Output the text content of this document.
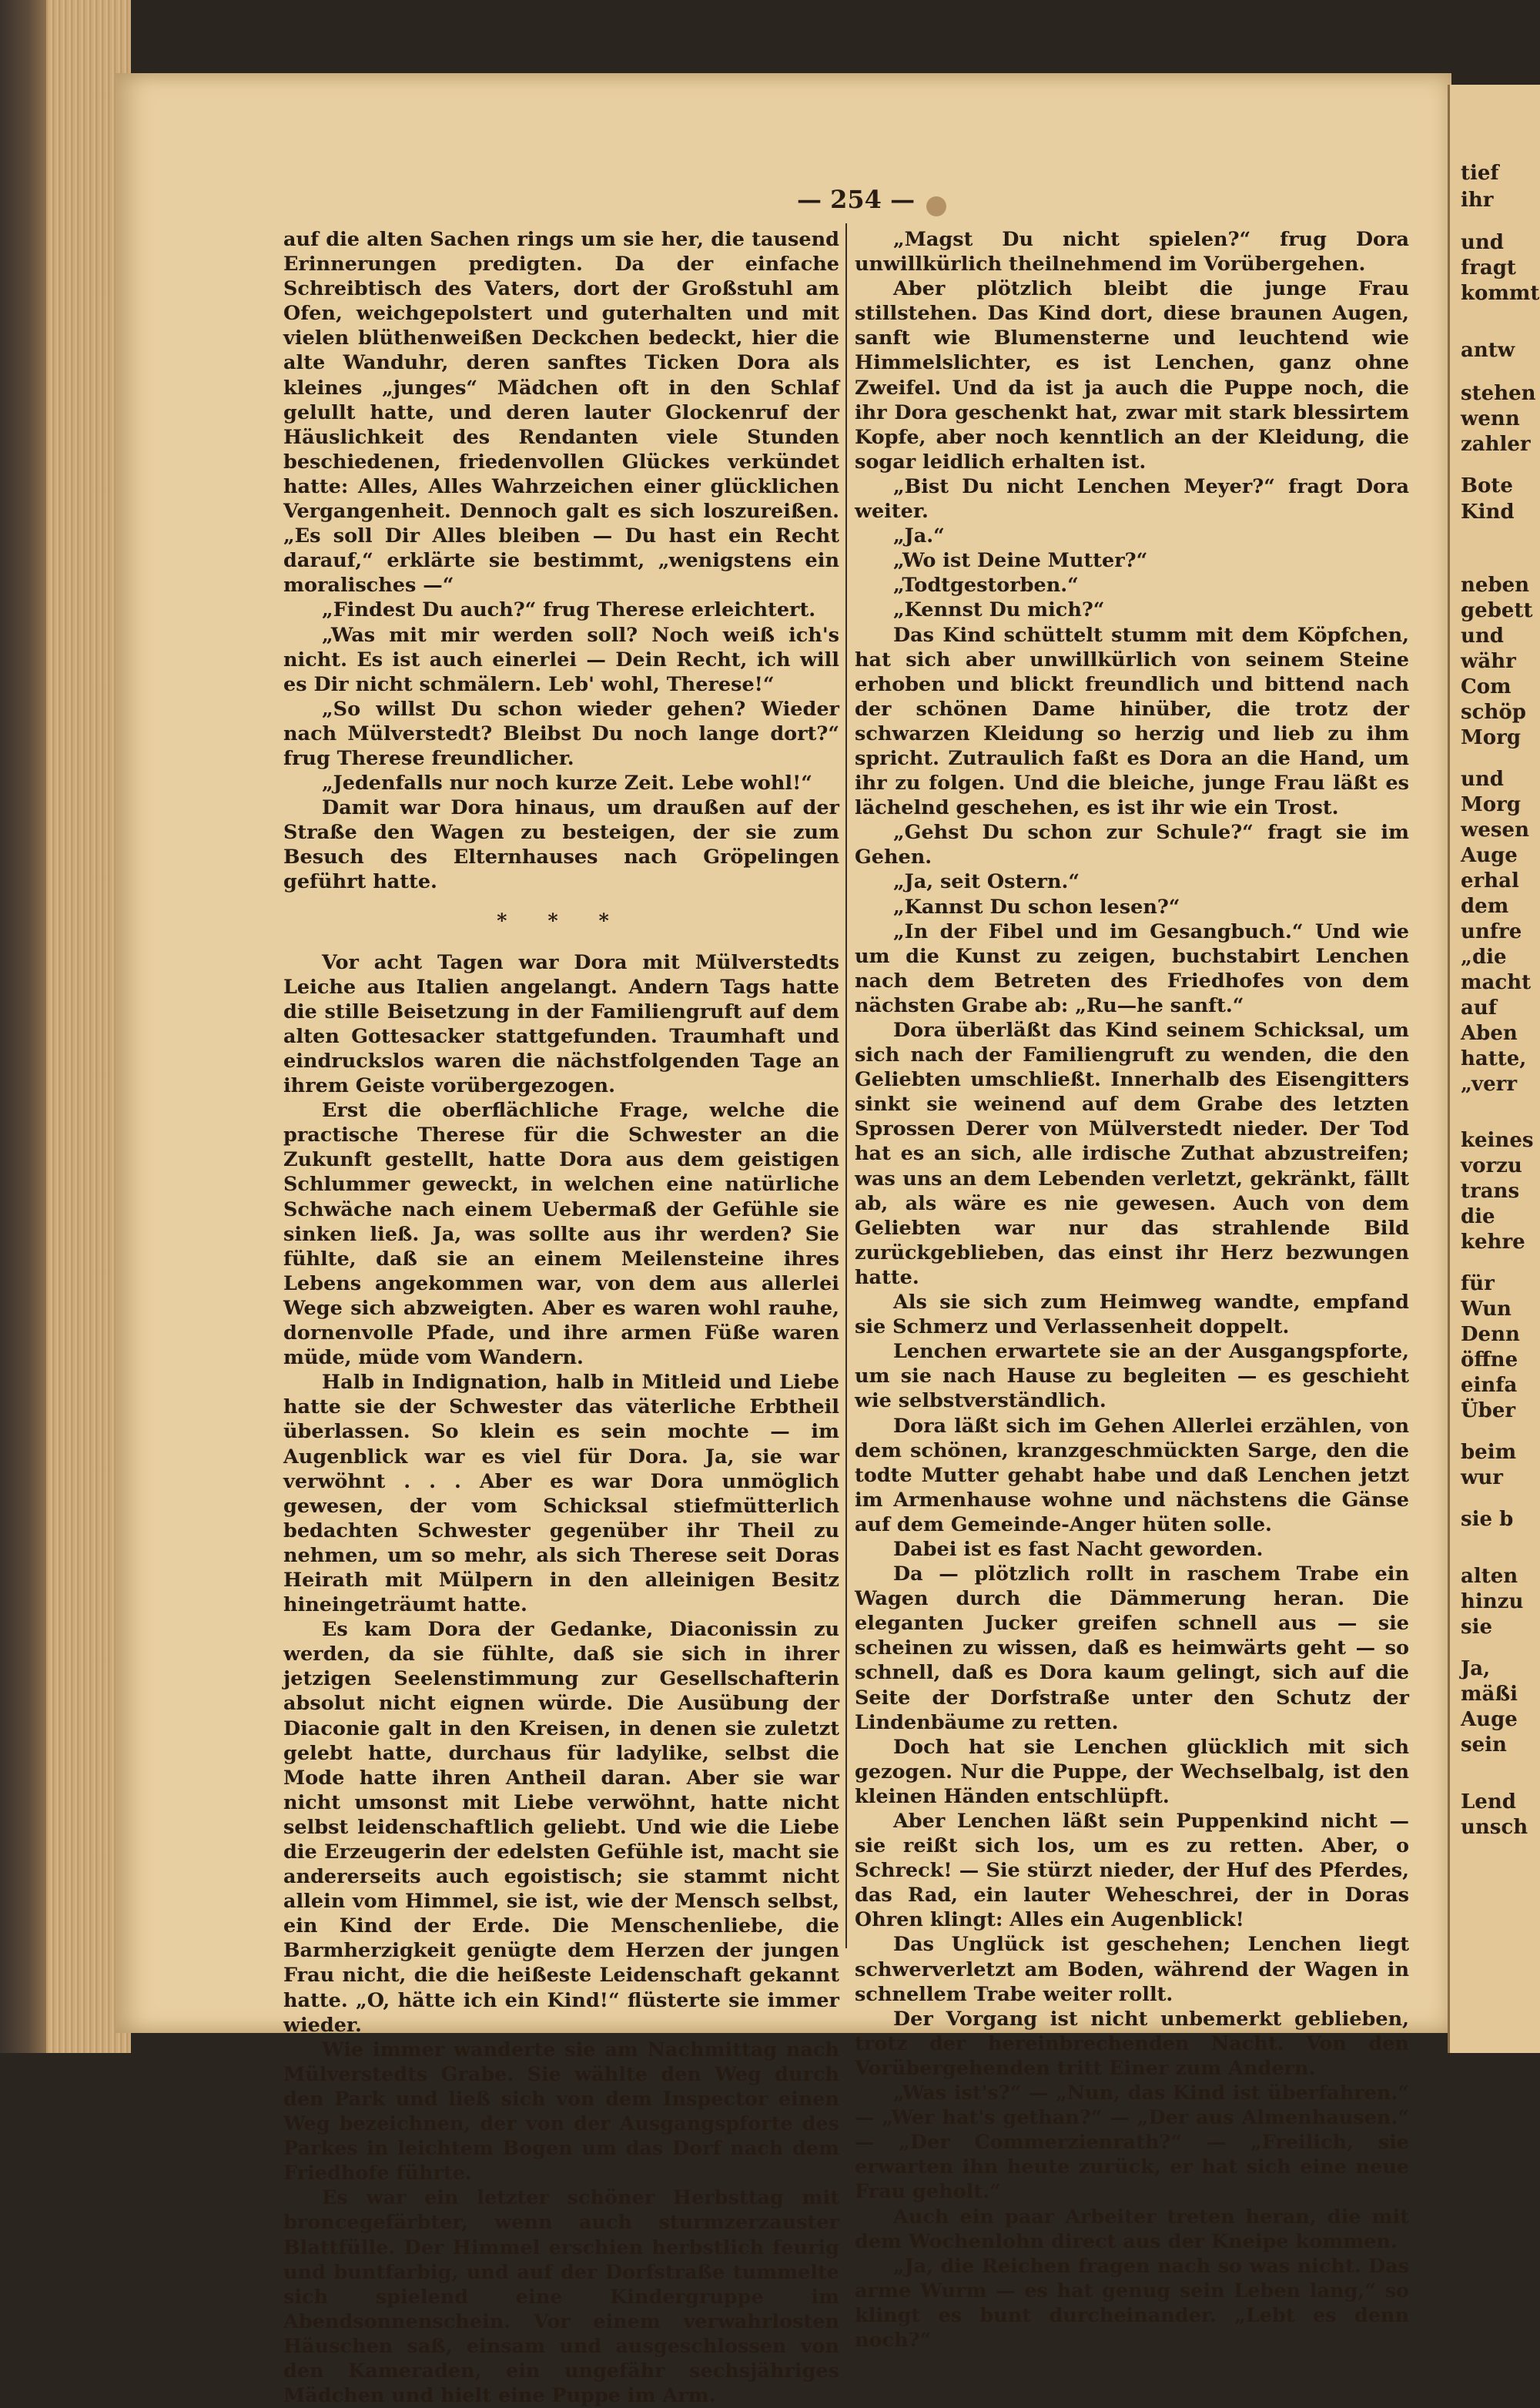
— 254 —

auf die alten Sachen rings um sie her, die tausend Erinnerungen predigten. Da der einfache Schreibtisch des Vaters, dort der Großstuhl am Ofen, weichgepolstert und guterhalten und mit vielen blüthenweißen Deckchen bedeckt, hier die alte Wanduhr, deren sanftes Ticken Dora als kleines „junges“ Mädchen oft in den Schlaf gelullt hatte, und deren lauter Glockenruf der Häuslichkeit des Rendanten viele Stunden beschiedenen, friedenvollen Glückes verkündet hatte: Alles, Alles Wahrzeichen einer glücklichen Vergangenheit. Dennoch galt es sich loszureißen. „Es soll Dir Alles bleiben — Du hast ein Recht darauf,“ erklärte sie bestimmt, „wenigstens ein moralisches —“

„Findest Du auch?“ frug Therese erleichtert.

„Was mit mir werden soll? Noch weiß ich's nicht. Es ist auch einerlei — Dein Recht, ich will es Dir nicht schmälern. Leb' wohl, Therese!“

„So willst Du schon wieder gehen? Wieder nach Mülverstedt? Bleibst Du noch lange dort?“ frug Therese freundlicher.

„Jedenfalls nur noch kurze Zeit. Lebe wohl!“

Damit war Dora hinaus, um draußen auf der Straße den Wagen zu besteigen, der sie zum Besuch des Elternhauses nach Gröpelingen geführt hatte.

* * *

Vor acht Tagen war Dora mit Mülverstedts Leiche aus Italien angelangt. Andern Tags hatte die stille Beisetzung in der Familiengruft auf dem alten Gottesacker stattgefunden. Traumhaft und eindruckslos waren die nächstfolgenden Tage an ihrem Geiste vorübergezogen.

Erst die oberflächliche Frage, welche die practische Therese für die Schwester an die Zukunft gestellt, hatte Dora aus dem geistigen Schlummer geweckt, in welchen eine natürliche Schwäche nach einem Uebermaß der Gefühle sie sinken ließ. Ja, was sollte aus ihr werden? Sie fühlte, daß sie an einem Meilensteine ihres Lebens angekommen war, von dem aus allerlei Wege sich abzweigten. Aber es waren wohl rauhe, dornenvolle Pfade, und ihre armen Füße waren müde, müde vom Wandern.

Halb in Indignation, halb in Mitleid und Liebe hatte sie der Schwester das väterliche Erbtheil überlassen. So klein es sein mochte — im Augenblick war es viel für Dora. Ja, sie war verwöhnt . . . Aber es war Dora unmöglich gewesen, der vom Schicksal stiefmütterlich bedachten Schwester gegenüber ihr Theil zu nehmen, um so mehr, als sich Therese seit Doras Heirath mit Mülpern in den alleinigen Besitz hineingeträumt hatte.

Es kam Dora der Gedanke, Diaconissin zu werden, da sie fühlte, daß sie sich in ihrer jetzigen Seelenstimmung zur Gesellschafterin absolut nicht eignen würde. Die Ausübung der Diaconie galt in den Kreisen, in denen sie zuletzt gelebt hatte, durchaus für ladylike, selbst die Mode hatte ihren Antheil daran. Aber sie war nicht umsonst mit Liebe verwöhnt, hatte nicht selbst leidenschaftlich geliebt. Und wie die Liebe die Erzeugerin der edelsten Gefühle ist, macht sie andererseits auch egoistisch; sie stammt nicht allein vom Himmel, sie ist, wie der Mensch selbst, ein Kind der Erde. Die Menschenliebe, die Barmherzigkeit genügte dem Herzen der jungen Frau nicht, die die heißeste Leidenschaft gekannt hatte. „O, hätte ich ein Kind!“ flüsterte sie immer wieder.

Wie immer wanderte sie am Nachmittag nach Mülverstedts Grabe. Sie wählte den Weg durch den Park und ließ sich von dem Inspector einen Weg bezeichnen, der von der Ausgangspforte des Parkes in leichtem Bogen um das Dorf nach dem Friedhofe führte.

Es war ein letzter schöner Herbsttag mit broncegefärbter, wenn auch sturmzerzauster Blattfülle. Der Himmel erschien herbstlich feurig und buntfarbig, und auf der Dorfstraße tummelte sich spielend eine Kindergruppe im Abendsonnenschein. Vor einem verwahrlosten Häuschen saß, einsam und ausgeschlossen von den Kameraden, ein ungefähr sechsjähriges Mädchen und hielt eine Puppe im Arm.

„Magst Du nicht spielen?“ frug Dora unwillkürlich theilnehmend im Vorübergehen.

Aber plötzlich bleibt die junge Frau stillstehen. Das Kind dort, diese braunen Augen, sanft wie Blumensterne und leuchtend wie Himmelslichter, es ist Lenchen, ganz ohne Zweifel. Und da ist ja auch die Puppe noch, die ihr Dora geschenkt hat, zwar mit stark blessirtem Kopfe, aber noch kenntlich an der Kleidung, die sogar leidlich erhalten ist.

„Bist Du nicht Lenchen Meyer?“ fragt Dora weiter.

„Ja.“

„Wo ist Deine Mutter?“

„Todtgestorben.“

„Kennst Du mich?“

Das Kind schüttelt stumm mit dem Köpfchen, hat sich aber unwillkürlich von seinem Steine erhoben und blickt freundlich und bittend nach der schönen Dame hinüber, die trotz der schwarzen Kleidung so herzig und lieb zu ihm spricht. Zutraulich faßt es Dora an die Hand, um ihr zu folgen. Und die bleiche, junge Frau läßt es lächelnd geschehen, es ist ihr wie ein Trost.

„Gehst Du schon zur Schule?“ fragt sie im Gehen.

„Ja, seit Ostern.“

„Kannst Du schon lesen?“

„In der Fibel und im Gesangbuch.“ Und wie um die Kunst zu zeigen, buchstabirt Lenchen nach dem Betreten des Friedhofes von dem nächsten Grabe ab: „Ru—he sanft.“

Dora überläßt das Kind seinem Schicksal, um sich nach der Familiengruft zu wenden, die den Geliebten umschließt. Innerhalb des Eisengitters sinkt sie weinend auf dem Grabe des letzten Sprossen Derer von Mülverstedt nieder. Der Tod hat es an sich, alle irdische Zuthat abzustreifen; was uns an dem Lebenden verletzt, gekränkt, fällt ab, als wäre es nie gewesen. Auch von dem Geliebten war nur das strahlende Bild zurückgeblieben, das einst ihr Herz bezwungen hatte.

Als sie sich zum Heimweg wandte, empfand sie Schmerz und Verlassenheit doppelt.

Lenchen erwartete sie an der Ausgangspforte, um sie nach Hause zu begleiten — es geschieht wie selbstverständlich.

Dora läßt sich im Gehen Allerlei erzählen, von dem schönen, kranzgeschmückten Sarge, den die todte Mutter gehabt habe und daß Lenchen jetzt im Armenhause wohne und nächstens die Gänse auf dem Gemeinde-Anger hüten solle.

Dabei ist es fast Nacht geworden.

Da — plötzlich rollt in raschem Trabe ein Wagen durch die Dämmerung heran. Die eleganten Jucker greifen schnell aus — sie scheinen zu wissen, daß es heimwärts geht — so schnell, daß es Dora kaum gelingt, sich auf die Seite der Dorfstraße unter den Schutz der Lindenbäume zu retten.

Doch hat sie Lenchen glücklich mit sich gezogen. Nur die Puppe, der Wechselbalg, ist den kleinen Händen entschlüpft.

Aber Lenchen läßt sein Puppenkind nicht — sie reißt sich los, um es zu retten. Aber, o Schreck! — Sie stürzt nieder, der Huf des Pferdes, das Rad, ein lauter Weheschrei, der in Doras Ohren klingt: Alles ein Augenblick!

Das Unglück ist geschehen; Lenchen liegt schwerverletzt am Boden, während der Wagen in schnellem Trabe weiter rollt.

Der Vorgang ist nicht unbemerkt geblieben, trotz der hereinbrechenden Nacht. Von den Vorübergehenden tritt Einer zum Andern.

„Was ist's?“ — „Nun, das Kind ist überfahren.“ — „Wer hat's gethan?“ — „Der aus Almenhausen.“ — „Der Commerzienrath?“ — „Freilich, sie erwarten ihn heute zurück, er hat sich eine neue Frau geholt.“

Auch ein paar Arbeiter treten heran, die mit dem Wochenlohn direct aus der Kneipe kommen.

„Ja, die Reichen fragen nach so was nicht. Das arme Wurm — es hat genug sein Leben lang,“ so klingt es bunt durcheinander. „Lebt es denn noch?“

tief
ihr
und
fragt
kommt
antw
stehen
wenn
zahler
Bote
Kind
neben
gebett
und
währ
Com
schöp
Morg
und
Morg
wesen
Auge
erhal
dem
unfre
„die
macht
auf
Aben
hatte,
„verr
keines
vorzu
trans
die
kehre
für
Wun
Denn
öffne
einfa
Über
beim
wur
sie b
alten
hinzu
sie
Ja,
mäßi
Auge
sein
Lend
unsch
